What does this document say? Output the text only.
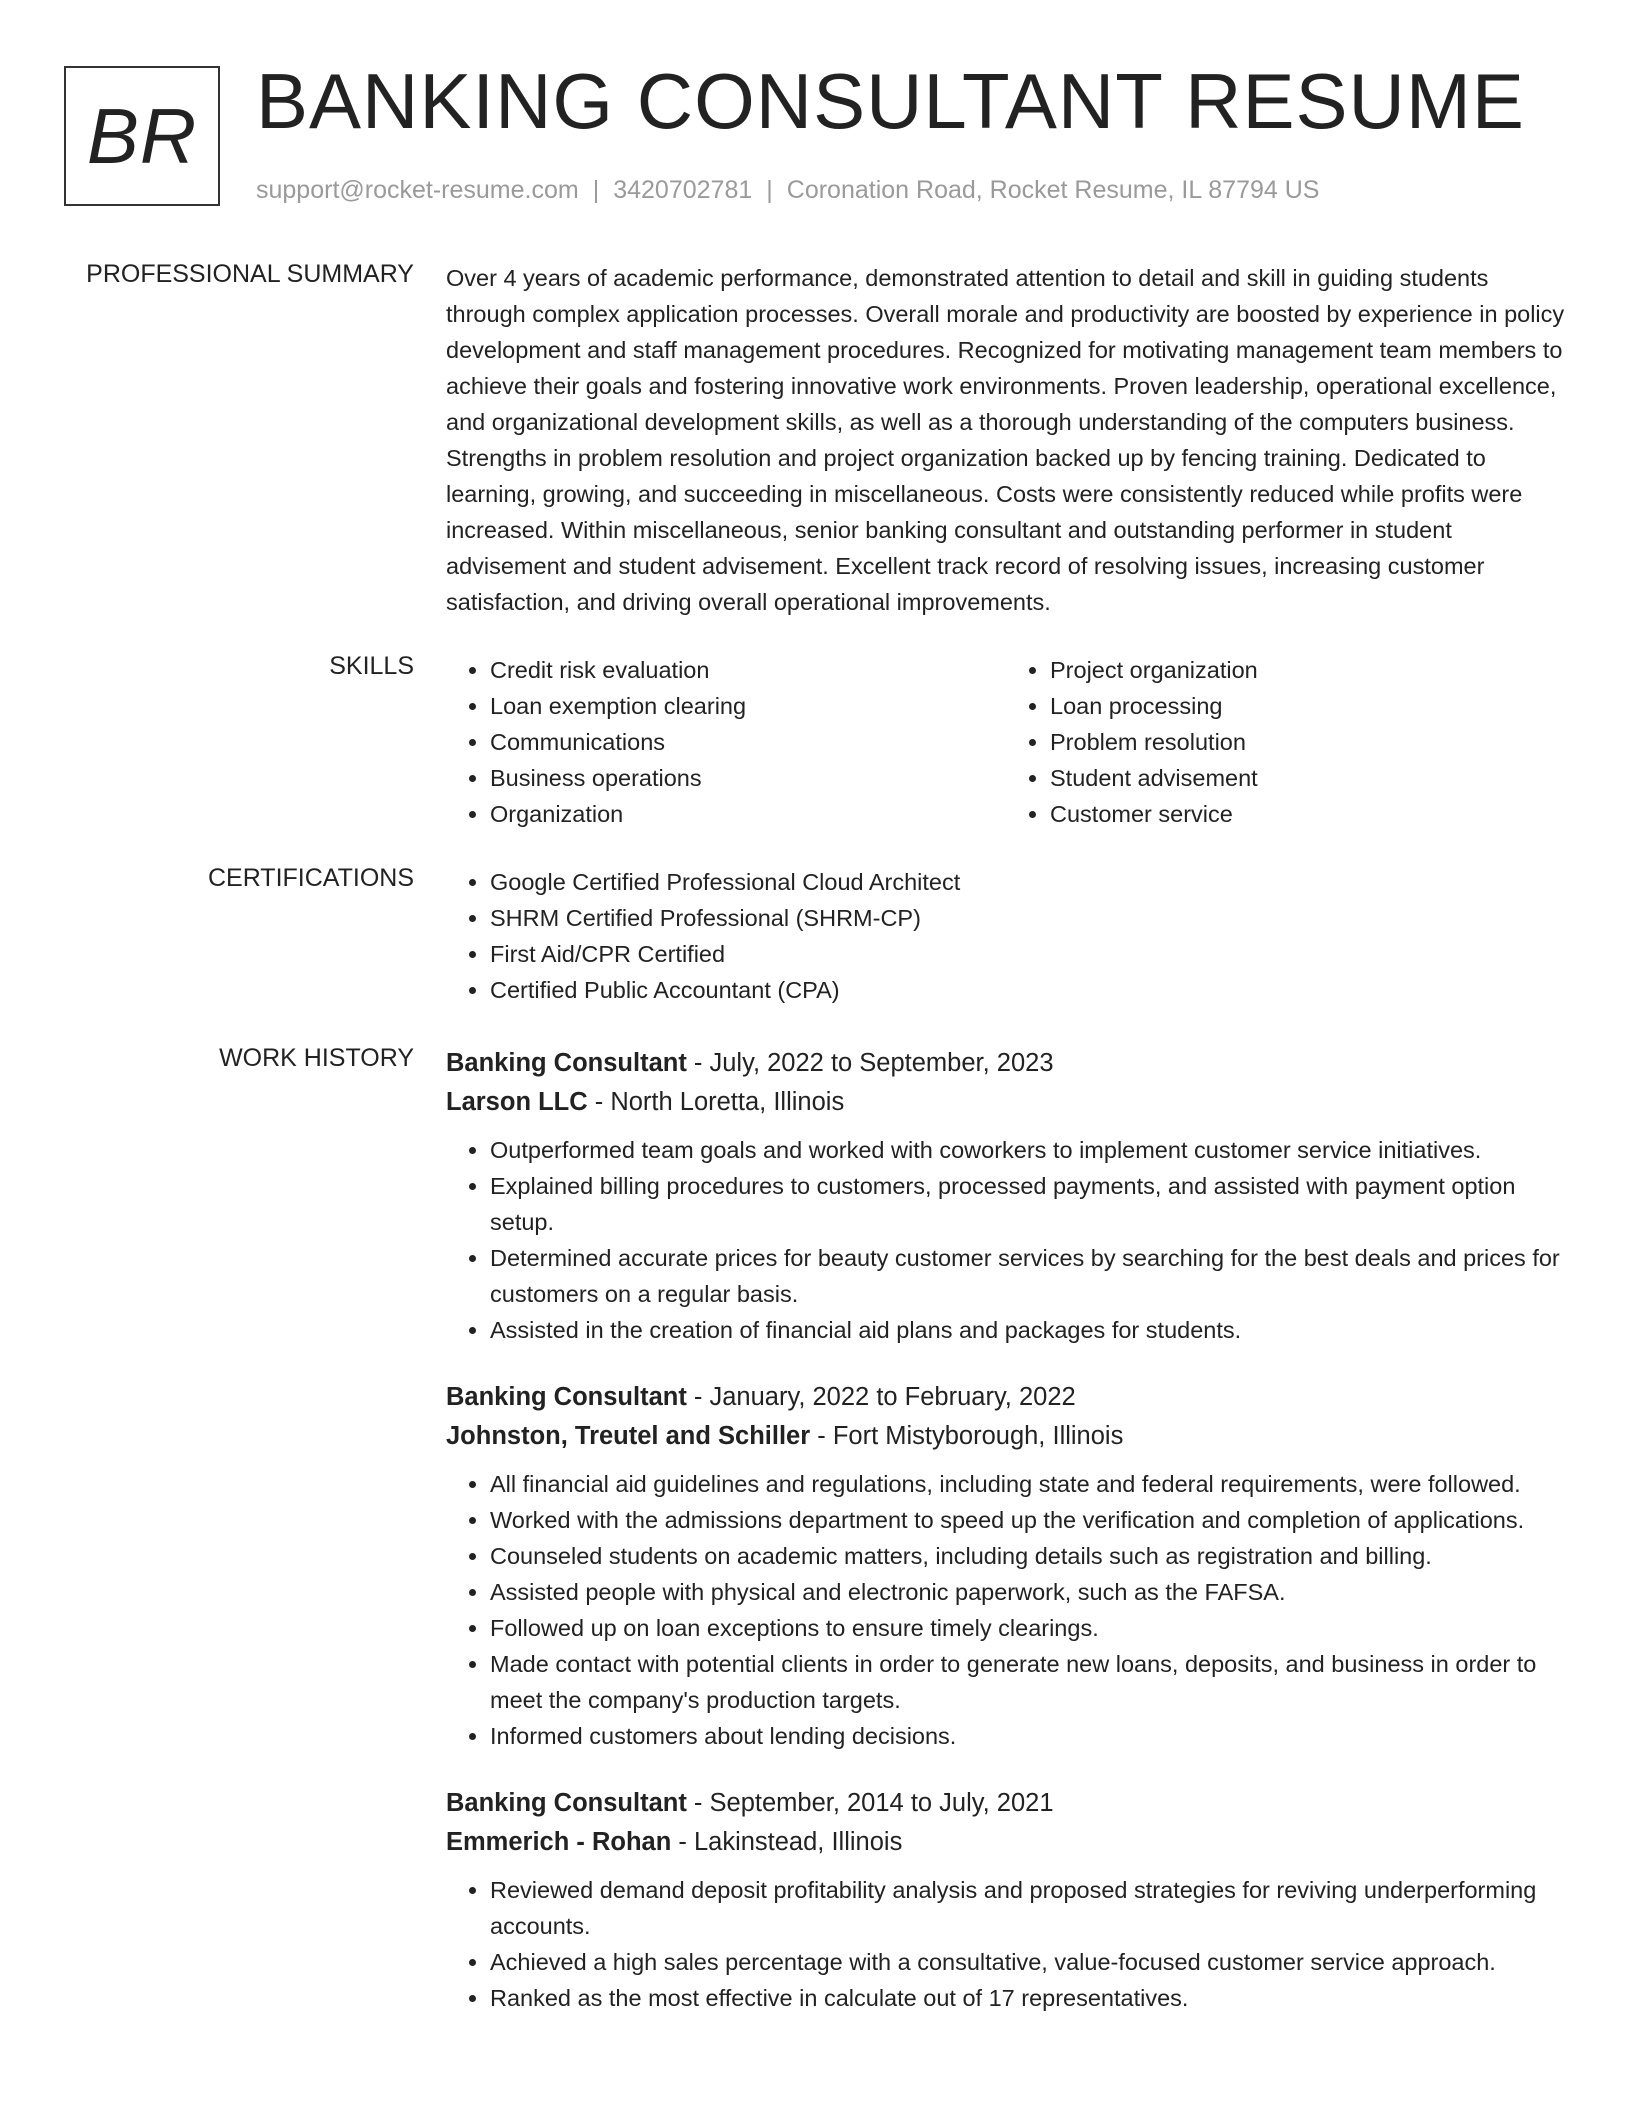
BR BANKING CONSULTANT RESUME
support@rocket-resume.com | 3420702781 | Coronation Road, Rocket Resume, IL 87794 US
PROFESSIONAL SUMMARY Over 4 years of academic performance, demonstrated attention to detail and skill in guiding students through complex application processes. Overall morale and productivity are boosted by experience in policy development and staff management procedures. Recognized for motivating management team members to achieve their goals and fostering innovative work environments. Proven leadership, operational excellence, and organizational development skills, as well as a thorough understanding of the computers business. Strengths in problem resolution and project organization backed up by fencing training. Dedicated to learning, growing, and succeeding in miscellaneous. Costs were consistently reduced while profits were increased. Within miscellaneous, senior banking consultant and outstanding performer in student advisement and student advisement. Excellent track record of resolving issues, increasing customer satisfaction, and driving overall operational improvements.
SKILLS	• Credit risk evaluation
• Loan exemption clearing
• Communications
• Business operations
• Organization
• Project organization
• Loan processing
• Problem resolution
• Student advisement
• Customer service
CERTIFICATIONS	• Google Certified Professional Cloud Architect
• SHRM Certified Professional (SHRM-CP)
• First Aid/CPR Certified
• Certified Public Accountant (CPA)
WORK HISTORY Banking Consultant - July, 2022 to September, 2023
Larson LLC - North Loretta, Illinois
• Outperformed team goals and worked with coworkers to implement customer service initiatives.
• Explained billing procedures to customers, processed payments, and assisted with payment option setup.
• Determined accurate prices for beauty customer services by searching for the best deals and prices for customers on a regular basis.
• Assisted in the creation of financial aid plans and packages for students.
Banking Consultant - January, 2022 to February, 2022
Johnston, Treutel and Schiller - Fort Mistyborough, Illinois
• All financial aid guidelines and regulations, including state and federal requirements, were followed.
• Worked with the admissions department to speed up the verification and completion of applications.
• Counseled students on academic matters, including details such as registration and billing.
• Assisted people with physical and electronic paperwork, such as the FAFSA.
• Followed up on loan exceptions to ensure timely clearings.
• Made contact with potential clients in order to generate new loans, deposits, and business in order to meet the company's production targets.
• Informed customers about lending decisions.
Banking Consultant - September, 2014 to July, 2021
Emmerich - Rohan - Lakinstead, Illinois
• Reviewed demand deposit profitability analysis and proposed strategies for reviving underperforming accounts.
• Achieved a high sales percentage with a consultative, value-focused customer service approach.
• Ranked as the most effective in calculate out of 17 representatives.
